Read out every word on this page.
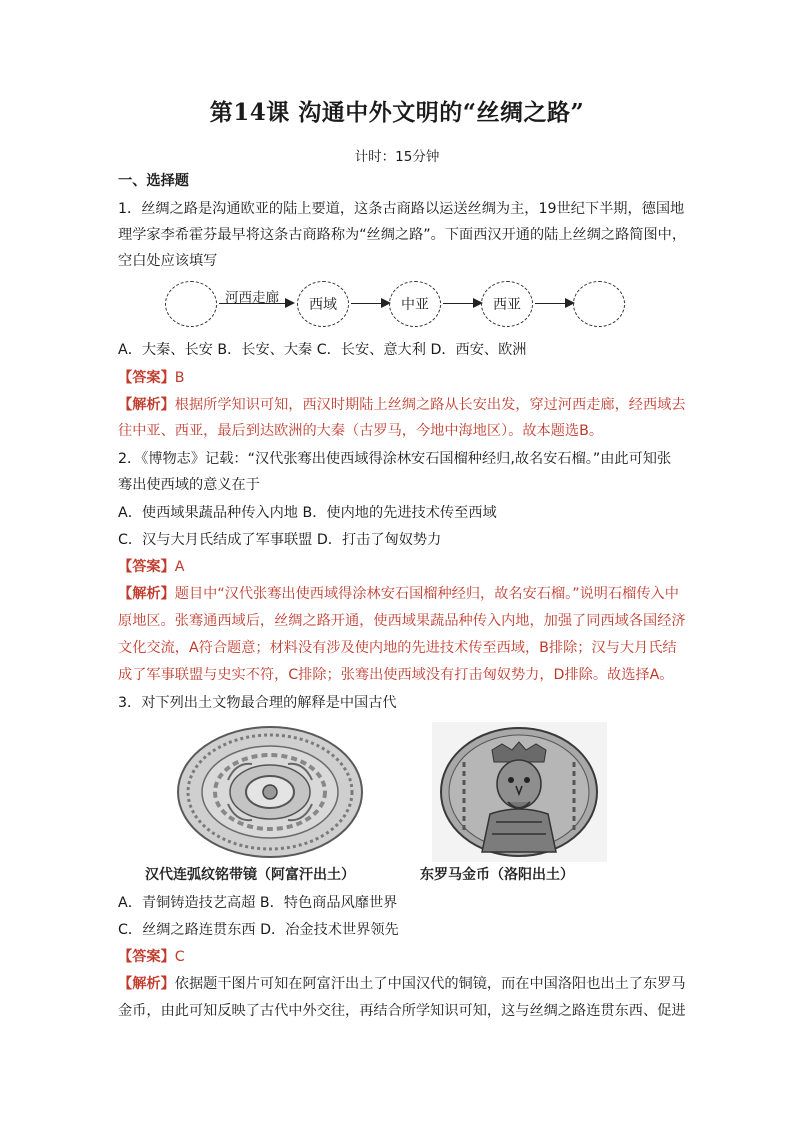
第14课 沟通中外文明的“丝绸之路”
计时：15分钟
一、选择题
1．丝绸之路是沟通欧亚的陆上要道，这条古商路以运送丝绸为主，19世纪下半期，德国地
理学家李希霍芬最早将这条古商路称为“丝绸之路”。下面西汉开通的陆上丝绸之路简图中，
空白处应该填写
河西走廊	西域	中亚	西亚
A．大秦、长安 B．长安、大秦 C．长安、意大利 D．西安、欧洲
【答案】B
【解析】根据所学知识可知，西汉时期陆上丝绸之路从长安出发，穿过河西走廊，经西域去
往中亚、西亚，最后到达欧洲的大秦（古罗马，今地中海地区）。故本题选B。
2．《博物志》记载：“汉代张骞出使西域得涂林安石国榴种经归,故名安石榴。”由此可知张
骞出使西域的意义在于
A．使西域果蔬品种传入内地 B．使内地的先进技术传至西域
C．汉与大月氏结成了军事联盟 D．打击了匈奴势力
【答案】A
【解析】题目中“汉代张骞出使西域得涂林安石国榴种经归，故名安石榴。”说明石榴传入中
原地区。张骞通西域后，丝绸之路开通，使西域果蔬品种传入内地，加强了同西域各国经济
文化交流，A符合题意；材料没有涉及使内地的先进技术传至西域，B排除；汉与大月氏结
成了军事联盟与史实不符，C排除；张骞出使西域没有打击匈奴势力，D排除。故选择A。
3．对下列出土文物最合理的解释是中国古代
汉代连弧纹铭带镜（阿富汗出土）	东罗马金币（洛阳出土）
A．青铜铸造技艺高超 B．特色商品风靡世界
C．丝绸之路连贯东西 D．冶金技术世界领先
【答案】C
【解析】依据题干图片可知在阿富汗出土了中国汉代的铜镜，而在中国洛阳也出土了东罗马
金币，由此可知反映了古代中外交往，再结合所学知识可知，这与丝绸之路连贯东西、促进
